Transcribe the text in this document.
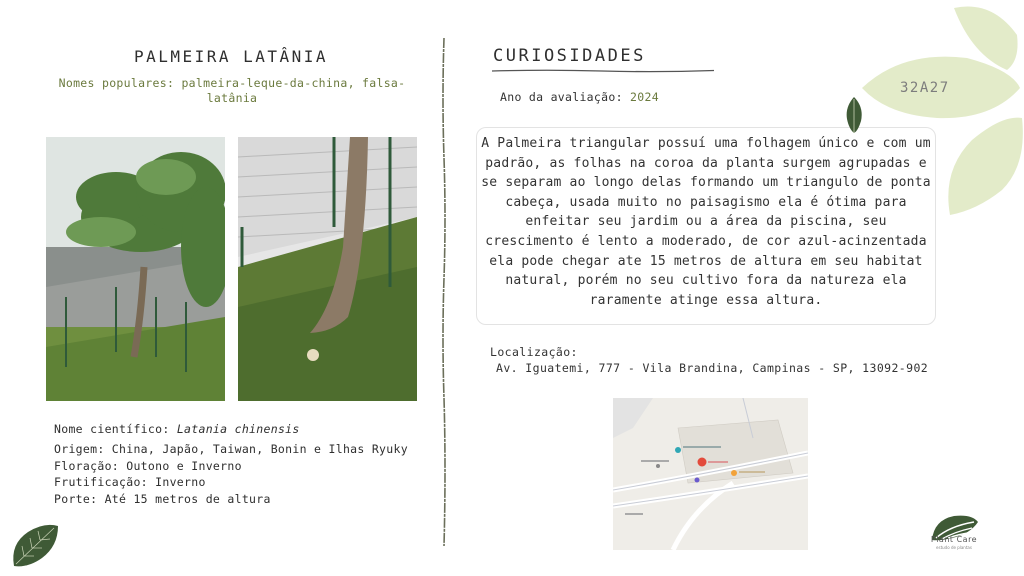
PALMEIRA LATÂNIA
Nomes populares: palmeira-leque-da-china, falsa-latânia
Nome científico: Latania chinensis
Origem: China, Japão, Taiwan, Bonin e Ilhas Ryuky
Floração: Outono e Inverno
Frutificação: Inverno
Porte: Até 15 metros de altura
CURIOSIDADES
Ano da avaliação: 2024
A Palmeira triangular possuí uma folhagem único e com um padrão, as folhas na coroa da planta surgem agrupadas e se separam ao longo delas formando um triangulo de ponta cabeça, usada muito no paisagismo ela é ótima para enfeitar seu jardim ou a área da piscina, seu crescimento é lento a moderado, de cor azul-acinzentada ela pode chegar ate 15 metros de altura em seu habitat natural, porém no seu cultivo fora da natureza ela raramente atinge essa altura.
Localização:
Av. Iguatemi, 777 - Vila Brandina, Campinas - SP, 13092-902
32A27
Plant Care
estudo de plantas
